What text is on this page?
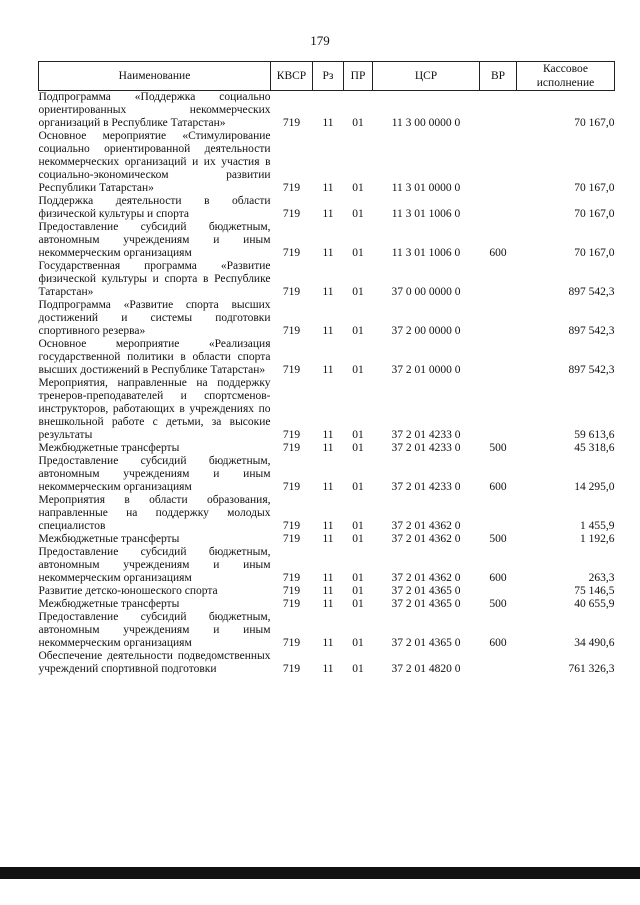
179
Наименование	КВСР	Рз	ПР	ЦСР	ВР	Кассовое исполнение
Подпрограмма «Поддержка социально ориентированных некоммерческих организаций в Республике Татарстан»	719	11	01	11 3 00 0000 0		70 167,0
Основное мероприятие «Стимулирование социально ориентированной деятельности некоммерческих организаций и их участия в социально-экономическом развитии Республики Татарстан»	719	11	01	11 3 01 0000 0		70 167,0
Поддержка деятельности в области физической культуры и спорта	719	11	01	11 3 01 1006 0		70 167,0
Предоставление субсидий бюджетным, автономным учреждениям и иным некоммерческим организациям	719	11	01	11 3 01 1006 0	600	70 167,0
Государственная программа «Развитие физической культуры и спорта в Республике Татарстан»	719	11	01	37 0 00 0000 0		897 542,3
Подпрограмма «Развитие спорта высших достижений и системы подготовки спортивного резерва»	719	11	01	37 2 00 0000 0		897 542,3
Основное мероприятие «Реализация государственной политики в области спорта высших достижений в Республике Татарстан»	719	11	01	37 2 01 0000 0		897 542,3
Мероприятия, направленные на поддержку тренеров-преподавателей и спортсменов-инструкторов, работающих в учреждениях по внешкольной работе с детьми, за высокие результаты	719	11	01	37 2 01 4233 0		59 613,6
Межбюджетные трансферты	719	11	01	37 2 01 4233 0	500	45 318,6
Предоставление субсидий бюджетным, автономным учреждениям и иным некоммерческим организациям	719	11	01	37 2 01 4233 0	600	14 295,0
Мероприятия в области образования, направленные на поддержку молодых специалистов	719	11	01	37 2 01 4362 0		1 455,9
Межбюджетные трансферты	719	11	01	37 2 01 4362 0	500	1 192,6
Предоставление субсидий бюджетным, автономным учреждениям и иным некоммерческим организациям	719	11	01	37 2 01 4362 0	600	263,3
Развитие детско-юношеского спорта	719	11	01	37 2 01 4365 0		75 146,5
Межбюджетные трансферты	719	11	01	37 2 01 4365 0	500	40 655,9
Предоставление субсидий бюджетным, автономным учреждениям и иным некоммерческим организациям	719	11	01	37 2 01 4365 0	600	34 490,6
Обеспечение деятельности подведомственных учреждений спортивной подготовки	719	11	01	37 2 01 4820 0		761 326,3
